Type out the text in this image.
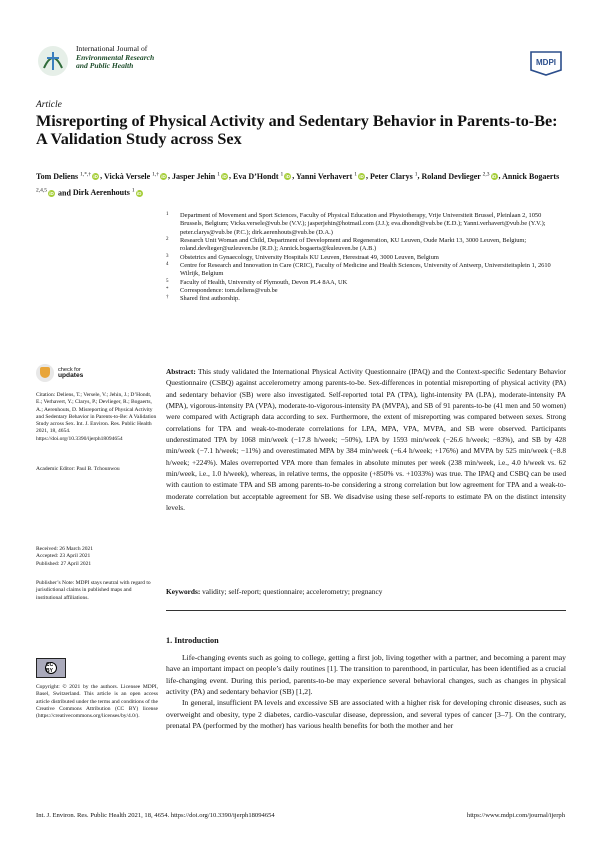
International Journal of
Environmental Research
and Public Health	MDPI
Article
Misreporting of Physical Activity and Sedentary Behavior in Parents-to-Be: A Validation Study across Sex
Tom Deliens $^{1,*,\dagger}$ iD , Vickà Versele $^{1,\dagger}$ iD , Jasper Jehin $^1$ iD , Eva D’Hondt $^1$ iD , Yanni Verhavert $^1$ iD , Peter Clarys $^1$, Roland Devlieger $^{2,3}$ iD , Annick Bogaerts $^{2,4,5}$ iD and Dirk Aerenhouts $^1$ iD
1 Department of Movement and Sport Sciences, Faculty of Physical Education and Physiotherapy, Vrije Universiteit Brussel, Pleinlaan 2, 1050 Brussels, Belgium; Vicka.versele@vub.be (V.V.); jasperjehin@hotmail.com (J.J.); eva.dhondt@vub.be (E.D.); Yanni.verhavert@vub.be (Y.V.); peter.clarys@vub.be (P.C.); dirk.aerenhouts@vub.be (D.A.)
2 Research Unit Woman and Child, Department of Development and Regeneration, KU Leuven, Oude Markt 13, 3000 Leuven, Belgium; roland.devlieger@uzleuven.be (R.D.); Annick.bogaerts@kuleuven.be (A.B.)
3 Obstetrics and Gynaecology, University Hospitals KU Leuven, Herestraat 49, 3000 Leuven, Belgium
4 Centre for Research and Innovation in Care (CRIC), Faculty of Medicine and Health Sciences, University of Antwerp, Universiteitsplein 1, 2610 Wilrijk, Belgium
5 Faculty of Health, University of Plymouth, Devon PL4 8AA, UK
* Correspondence: tom.deliens@vub.be
† Shared first authorship.
check for
updates
Citation: Deliens, T.; Versele, V.; Jehin, J.; D’Hondt, E.; Verhavert, Y.; Clarys, P.; Devlieger, R.; Bogaerts, A.; Aerenhouts, D. Misreporting of Physical Activity and Sedentary Behavior in Parents-to-Be: A Validation Study across Sex. Int. J. Environ. Res. Public Health 2021, 18, 4654. https://doi.org/10.3390/ijerph18094654
Academic Editor: Paul B. Tchounwou
Received: 26 March 2021
Accepted: 23 April 2021
Published: 27 April 2021
Publisher’s Note: MDPI stays neutral with regard to jurisdictional claims in published maps and institutional affiliations.
CC BY
Copyright: © 2021 by the authors. Licensee MDPI, Basel, Switzerland. This article is an open access article distributed under the terms and conditions of the Creative Commons Attribution (CC BY) license (https://creativecommons.org/licenses/by/4.0/).
Abstract: This study validated the International Physical Activity Questionnaire (IPAQ) and the Context-specific Sedentary Behavior Questionnaire (CSBQ) against accelerometry among parents-to-be. Sex-differences in potential misreporting of physical activity (PA) and sedentary behavior (SB) were also investigated. Self-reported total PA (TPA), light-intensity PA (LPA), moderate-intensity PA (MPA), vigorous-intensity PA (VPA), moderate-to-vigorous-intensity PA (MVPA), and SB of 91 parents-to-be (41 men and 50 women) were compared with Actigraph data according to sex. Furthermore, the extent of misreporting was compared between sexes. Strong correlations for TPA and weak-to-moderate correlations for LPA, MPA, VPA, MVPA, and SB were observed. Participants underestimated TPA by 1068 min/week (−17.8 h/week; −50%), LPA by 1593 min/week (−26.6 h/week; −83%), and SB by 428 min/week (−7.1 h/week; −11%) and overestimated MPA by 384 min/week (−6.4 h/week; +176%) and MVPA by 525 min/week (−8.8 h/week; +224%). Males overreported VPA more than females in absolute minutes per week (238 min/week, i.e., 4.0 h/week vs. 62 min/week, i.e., 1.0 h/week), whereas, in relative terms, the opposite (+850% vs. +1033%) was true. The IPAQ and CSBQ can be used with caution to estimate TPA and SB among parents-to-be considering a strong correlation but low agreement for TPA and a weak-to-moderate correlation but acceptable agreement for SB. We disadvise using these self-reports to estimate PA on the distinct intensity levels.
Keywords: validity; self-report; questionnaire; accelerometry; pregnancy
1. Introduction

Life-changing events such as going to college, getting a first job, living together with a partner, and becoming a parent may have an important impact on people’s daily routines [1]. The transition to parenthood, in particular, has been identified as a crucial life-changing event. During this period, parents-to-be may experience several behavioral changes, such as changes in physical activity (PA) and sedentary behavior (SB) [1,2].

In general, insufficient PA levels and excessive SB are associated with a higher risk for developing chronic diseases, such as overweight and obesity, type 2 diabetes, cardio-vascular disease, depression, and several types of cancer [3–7]. On the contrary, prenatal PA (performed by the mother) has various health benefits for both the mother and her

Int. J. Environ. Res. Public Health 2021, 18, 4654. https://doi.org/10.3390/ijerph18094654	https://www.mdpi.com/journal/ijerph
